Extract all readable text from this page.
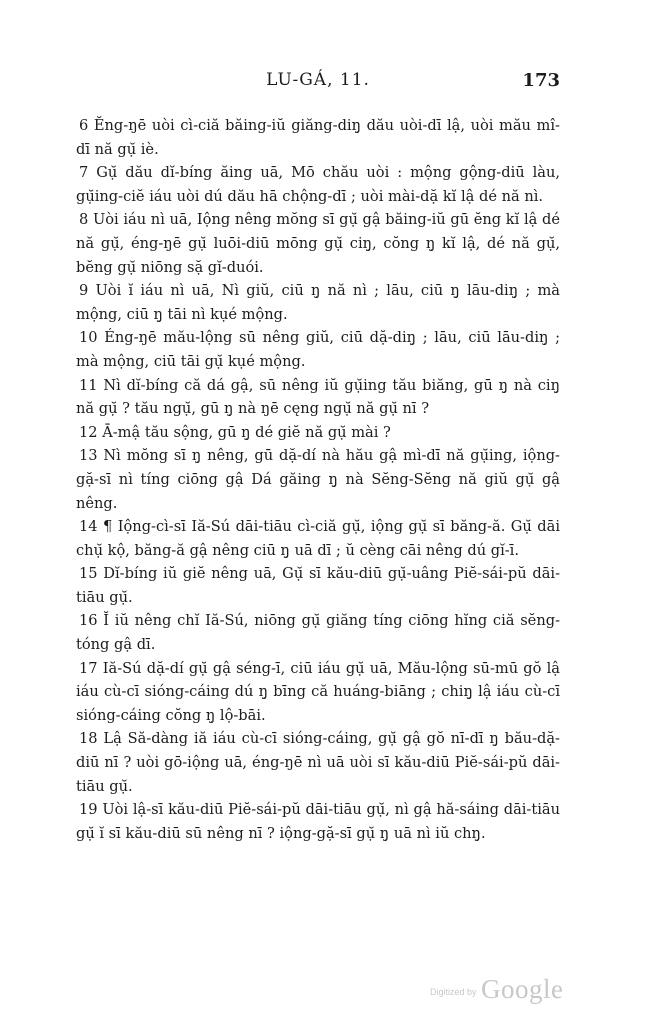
LU-GÁ, 11.	173

6 Ĕng-ŋē uòi cì-ciă băing-iŭ giăng-diŋ̣ dău uòi-dī lậ, uòi mău mî-dī nă gụ̆ iè.

7 Gụ̆ dău dĭ-bíng ăing uā, Mō chău uòi : mộng gộng-diū làu, gụ̆ing-ciĕ iáu uòi dú dău hā chộng-dī ; uòi mài-dặ kĭ lậ dé nă nì.

8 Uòi iáu nì uā, Iộng nêng mŏng sī gụ̆ gậ băing-iŭ gū ĕng kĭ lậ dé nă gụ̆, éng-ŋē gụ̆ luōi-diū mōng gụ̆ ciŋ̣, cŏng ŋ̣ kĭ lậ, dé nă gụ̆, bĕng gụ̆ niōng sặ gĭ-duói.

9 Uòi ĭ iáu nì uā, Nì giŭ, ciū ŋ̣ nă nì ; lāu, ciū ŋ̣ lāu-diŋ̣ ; mà mộng, ciū ŋ̣ tāi nì kụé mộng.

10 Éng-ŋē mău-lộng sū nêng giŭ, ciū dặ-diŋ̣ ; lāu, ciū lāu-diŋ̣ ; mà mộng, ciū tāi gụ̆ kụé mộng.

11 Nì dĭ-bíng că dá gậ, sū nêng iŭ gụ̆ing tău biăng, gū ŋ̣ nà ciŋ̣ nă gụ̆ ? tău ngụ̆, gū ŋ̣ nà ŋē cęng ngụ̆ nă gụ̆ nī ?

12 Ā-mậ tău sộng, gū ŋ̣ dé giĕ nă gụ̆ mài ?

13 Nì mŏng sī ŋ̣ nêng, gū dặ-dí nà hău gậ mì-dī nă gụ̆ing, iộng-gặ-sī nì tíng ciōng gậ Dá găing ŋ̣ nà Sĕng-Sĕng nă giŭ gụ̆ gậ nêng.

14 ¶ Iộng-cì-sī Iă-Sú dāi-tiāu cì-ciă gụ̆, iộng gụ̆ sī băng-ă. Gụ̆ dāi chụ̆ kộ, băng-ă gậ nêng ciū ŋ̣ uā dī ; ŭ cèng cāi nêng dú gĭ-ī.

15 Dĭ-bíng iŭ giĕ nêng uā, Gụ̆ sī kău-diū gụ̆-uâng Piĕ-sái-pŭ dāi-tiāu gụ̆.

16 Ĭ iŭ nêng chĭ Iă-Sú, niōng gụ̆ giăng tíng ciōng hĭng ciă sĕng-tóng gậ dī.

17 Iă-Sú dặ-dí gụ̆ gậ séng-ī, ciū iáu gụ̆ uā, Mău-lộng sū-mū gŏ lậ iáu cù-cī sióng-cáing dú ŋ̣ bīng că huáng-biāng ; chiŋ̣ lậ iáu cù-cī sióng-cáing cŏng ŋ̣ lộ-bāi.

18 Lậ Să-dàng iă iáu cù-cī sióng-cáing, gụ̆ gậ gŏ nī-dī ŋ̣ bău-dặ-diū nī ? uòi gō-iộng uā, éng-ŋē nì uā uòi sī kău-diū Piĕ-sái-pŭ dāi-tiāu gụ̆.

19 Uòi lậ-sī kău-diū Piĕ-sái-pŭ dāi-tiāu gụ̆, nì gậ hă-sáing dāi-tiāu gụ̆ ĭ sī kău-diū sū nêng nī ? iộng-gặ-sī gụ̆ ŋ̣ uā nì iŭ chŋ̣.

Digitized by Google
